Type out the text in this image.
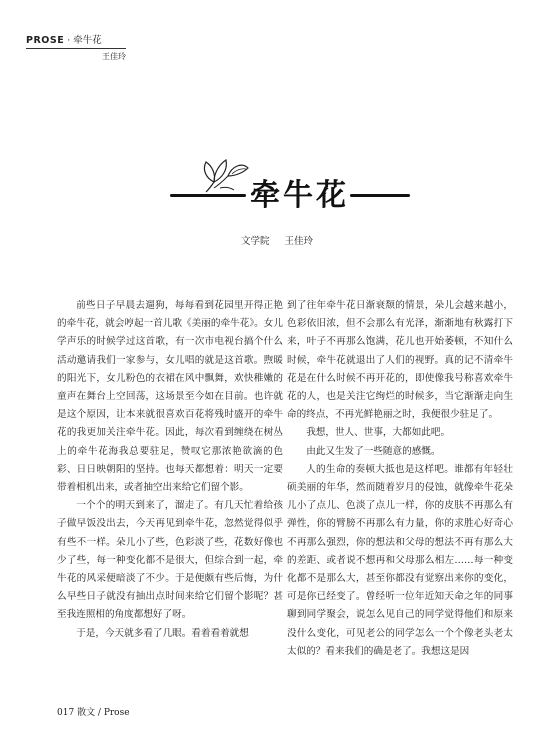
PROSE · 牵牛花
王佳玲
牵牛花
文学院 王佳玲

前些日子早晨去遛狗，每每看到花园里开得正艳的牵牛花，就会哼起一首儿歌《美丽的牵牛花》。女儿学声乐的时候学过这首歌，有一次市电视台搞个什么活动邀请我们一家参与，女儿唱的就是这首歌。煦暖的阳光下，女儿粉色的衣裙在风中飘舞，欢快稚嫩的童声在舞台上空回荡，这场景至今如在目前。也许就是这个原因，让本来就很喜欢百花将残时盛开的牵牛花的我更加关注牵牛花。因此，每次看到缠绕在树丛上的牵牛花海我总要驻足，赞叹它那浓艳欲滴的色彩、日日映朝阳的坚持。也每天都想着：明天一定要带着相机出来，或者抽空出来给它们留个影。

一个个的明天到来了，溜走了。有几天忙着给孩子做早饭没出去，今天再见到牵牛花，忽然觉得似乎有些不一样。朵儿小了些，色彩淡了些，花数好像也少了些，每一种变化都不是很大，但综合到一起，牵牛花的风采便暗淡了不少。于是便颇有些后悔，为什么早些日子就没有抽出点时间来给它们留个影呢？甚至我连照相的角度都想好了呀。

于是，今天就多看了几眼。看着看着就想

到了往年牵牛花日渐衰颓的情景，朵儿会越来越小，色彩依旧浓，但不会那么有光泽，渐渐地有秋露打下来，叶子不再那么饱满，花儿也开始萎顿，不知什么时候，牵牛花就退出了人们的视野。真的记不清牵牛花是在什么时候不再开花的，即使像我号称喜欢牵牛花的人，也是关注它绚烂的时候多，当它渐渐走向生命的终点，不再光鲜艳丽之时，我便很少驻足了。

我想，世人、世事，大都如此吧。

由此又生发了一些随意的感慨。

人的生命的奏顿大抵也是这样吧。谁都有年轻壮硕美丽的年华，然而随着岁月的侵蚀，就像牵牛花朵儿小了点儿、色淡了点儿一样，你的皮肤不再那么有弹性，你的臂膀不再那么有力量，你的求胜心好奇心不再那么强烈，你的想法和父母的想法不再有那么大的差距、或者说不想再和父母那么相左……每一种变化都不是那么大，甚至你都没有觉察出来你的变化，可是你已经变了。曾经听一位年近知天命之年的同事聊到同学聚会，说怎么见自己的同学觉得他们和原来没什么变化，可见老公的同学怎么一个个像老头老太太似的？看来我们的确是老了。我想这是因

017 散文 / Prose
